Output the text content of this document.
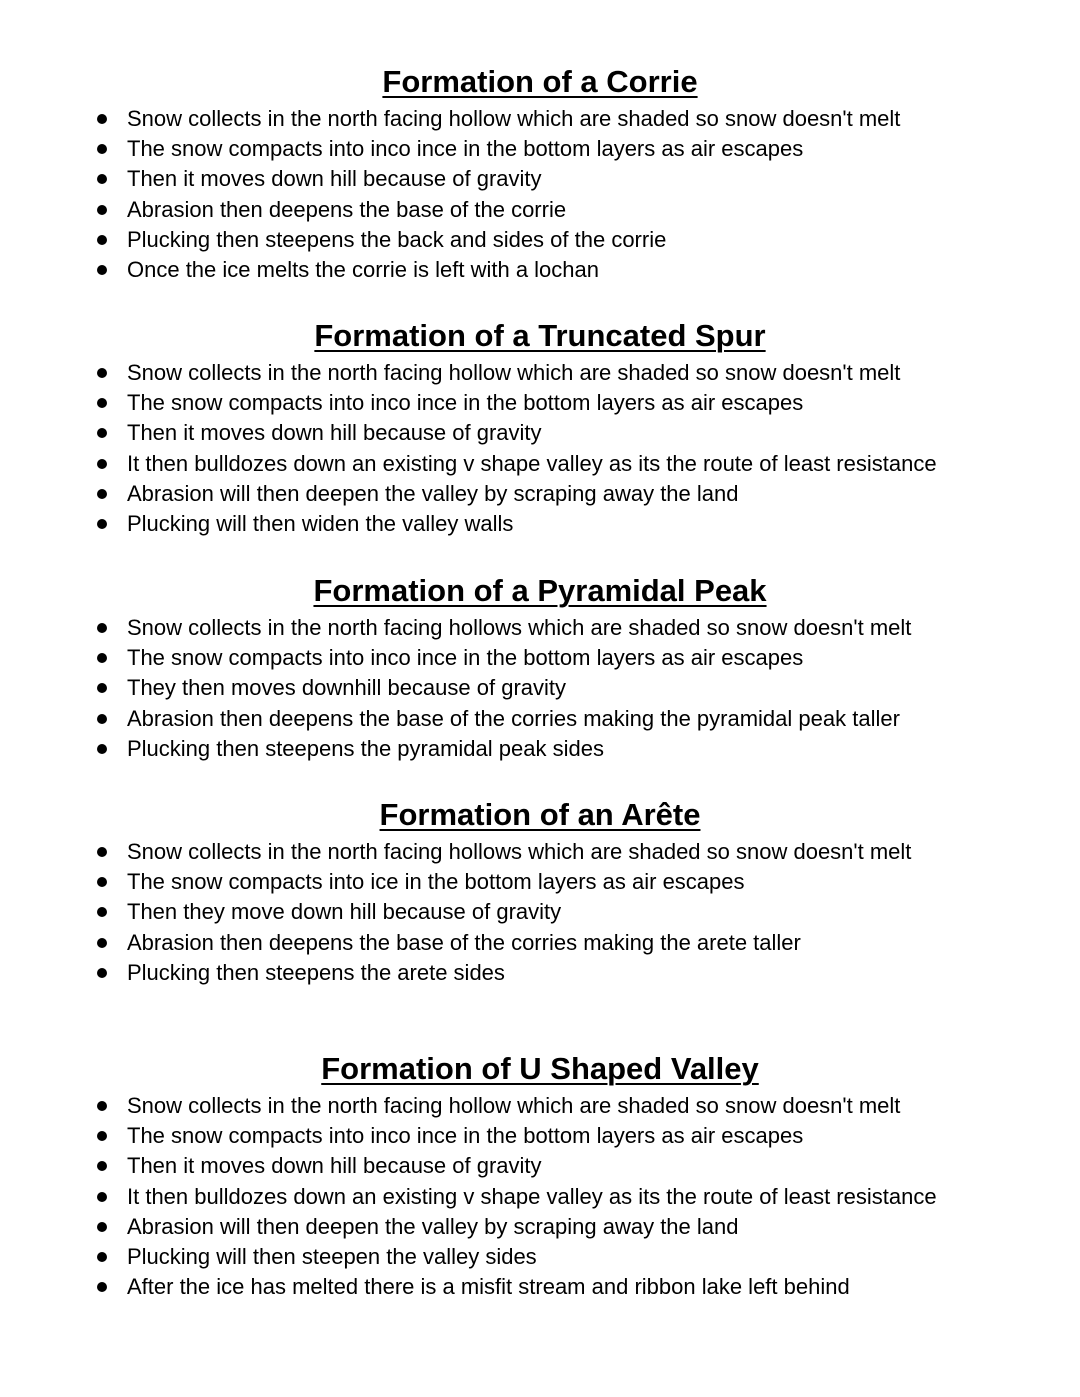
Formation of a Corrie
Snow collects in the north facing hollow which are shaded so snow doesn't melt
The snow compacts into inco ince in the bottom layers as air escapes
Then it moves down hill because of gravity
Abrasion then deepens the base of the corrie
Plucking then steepens the back and sides of the corrie
Once the ice melts the corrie is left with a lochan
Formation of a Truncated Spur
Snow collects in the north facing hollow which are shaded so snow doesn't melt
The snow compacts into inco ince in the bottom layers as air escapes
Then it moves down hill because of gravity
It then bulldozes down an existing v shape valley as its the route of least resistance
Abrasion will then deepen the valley by scraping away the land
Plucking will then widen the valley walls
Formation of a Pyramidal Peak
Snow collects in the north facing hollows which are shaded so snow doesn't melt
The snow compacts into inco ince in the bottom layers as air escapes
They then moves downhill because of gravity
Abrasion then deepens the base of the corries making the pyramidal peak taller
Plucking then steepens the pyramidal peak sides
Formation of an Arête
Snow collects in the north facing hollows which are shaded so snow doesn't melt
The snow compacts into ice in the bottom layers as air escapes
Then they move down hill because of gravity
Abrasion then deepens the base of the corries making the arete taller
Plucking then steepens the arete sides
Formation of U Shaped Valley
Snow collects in the north facing hollow which are shaded so snow doesn't melt
The snow compacts into inco ince in the bottom layers as air escapes
Then it moves down hill because of gravity
It then bulldozes down an existing v shape valley as its the route of least resistance
Abrasion will then deepen the valley by scraping away the land
Plucking will then steepen the valley sides
After the ice has melted there is a misfit stream and ribbon lake left behind
